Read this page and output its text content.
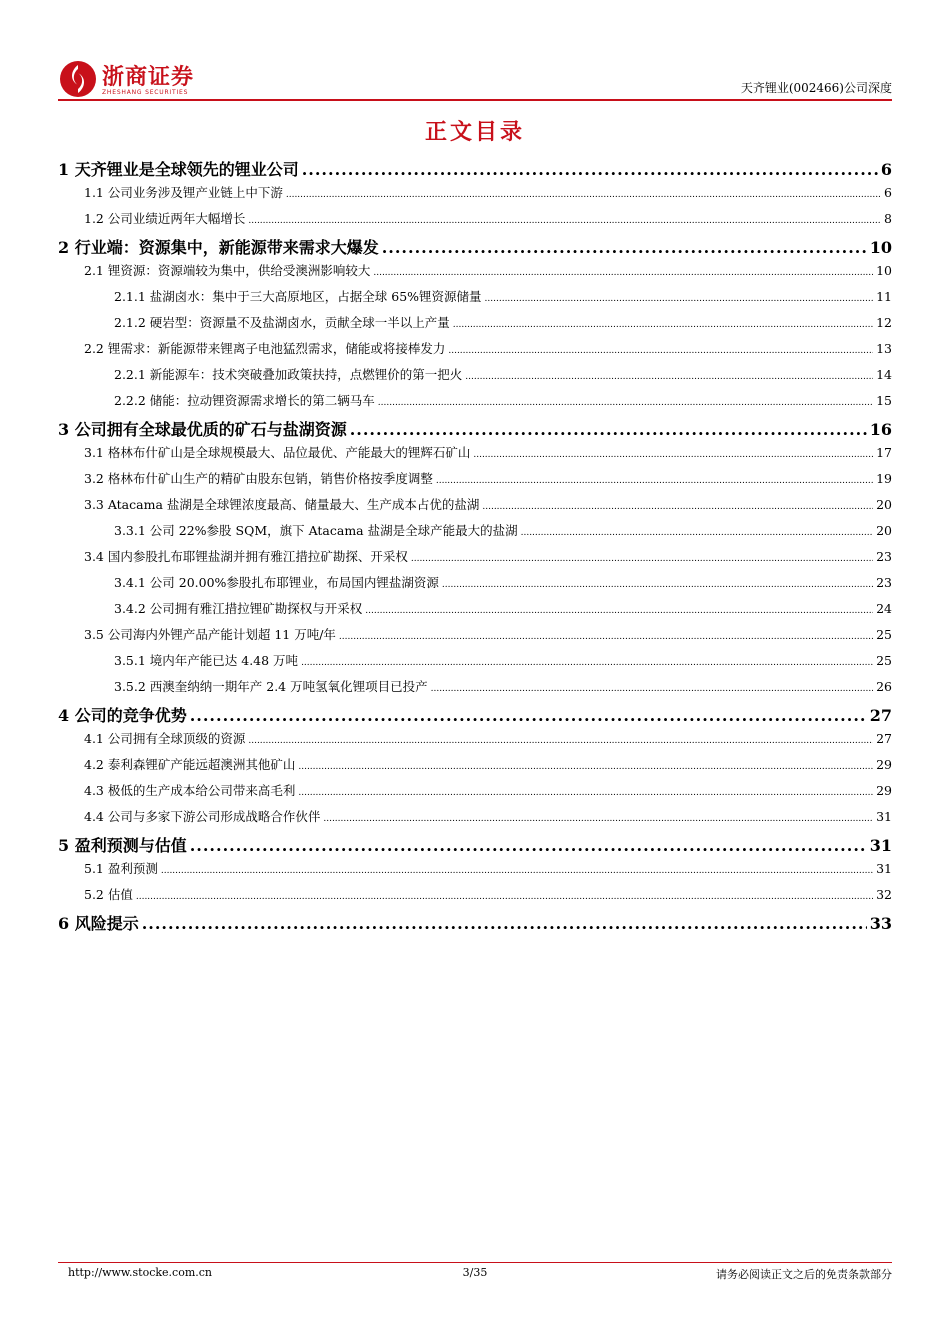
浙商证券
ZHESHANG SECURITIES	天齐锂业(002466)公司深度
正文目录
1 天齐锂业是全球领先的锂业公司 .....	6
1.1 公司业务涉及锂产业链上中下游 .....	6
1.2 公司业绩近两年大幅增长 .....	8
2 行业端：资源集中，新能源带来需求大爆发 .....	10
2.1 锂资源：资源端较为集中，供给受澳洲影响较大 .....	10
2.1.1 盐湖卤水：集中于三大高原地区，占据全球 65%锂资源储量 .....	11
2.1.2 硬岩型：资源量不及盐湖卤水，贡献全球一半以上产量 .....	12
2.2 锂需求：新能源带来锂离子电池猛烈需求，储能或将接棒发力 .....	13
2.2.1 新能源车：技术突破叠加政策扶持，点燃锂价的第一把火 .....	14
2.2.2 储能：拉动锂资源需求增长的第二辆马车 .....	15
3 公司拥有全球最优质的矿石与盐湖资源 .....	16
3.1 格林布什矿山是全球规模最大、品位最优、产能最大的锂辉石矿山 .....	17
3.2 格林布什矿山生产的精矿由股东包销，销售价格按季度调整 .....	19
3.3 Atacama 盐湖是全球锂浓度最高、储量最大、生产成本占优的盐湖 .....	20
3.3.1 公司 22%参股 SQM，旗下 Atacama 盐湖是全球产能最大的盐湖 .....	20
3.4 国内参股扎布耶锂盐湖并拥有雅江措拉矿勘探、开采权 .....	23
3.4.1 公司 20.00%参股扎布耶锂业，布局国内锂盐湖资源 .....	23
3.4.2 公司拥有雅江措拉锂矿勘探权与开采权 .....	24
3.5 公司海内外锂产品产能计划超 11 万吨/年 .....	25
3.5.1 境内年产能已达 4.48 万吨 .....	25
3.5.2 西澳奎纳纳一期年产 2.4 万吨氢氧化锂项目已投产 .....	26
4 公司的竞争优势 .....	27
4.1 公司拥有全球顶级的资源 .....	27
4.2 泰利森锂矿产能远超澳洲其他矿山 .....	29
4.3 极低的生产成本给公司带来高毛利 .....	29
4.4 公司与多家下游公司形成战略合作伙伴 .....	31
5 盈利预测与估值 .....	31
5.1 盈利预测 .....	31
5.2 估值 .....	32
6 风险提示 .....	33
http://www.stocke.com.cn	3/35	请务必阅读正文之后的免责条款部分
